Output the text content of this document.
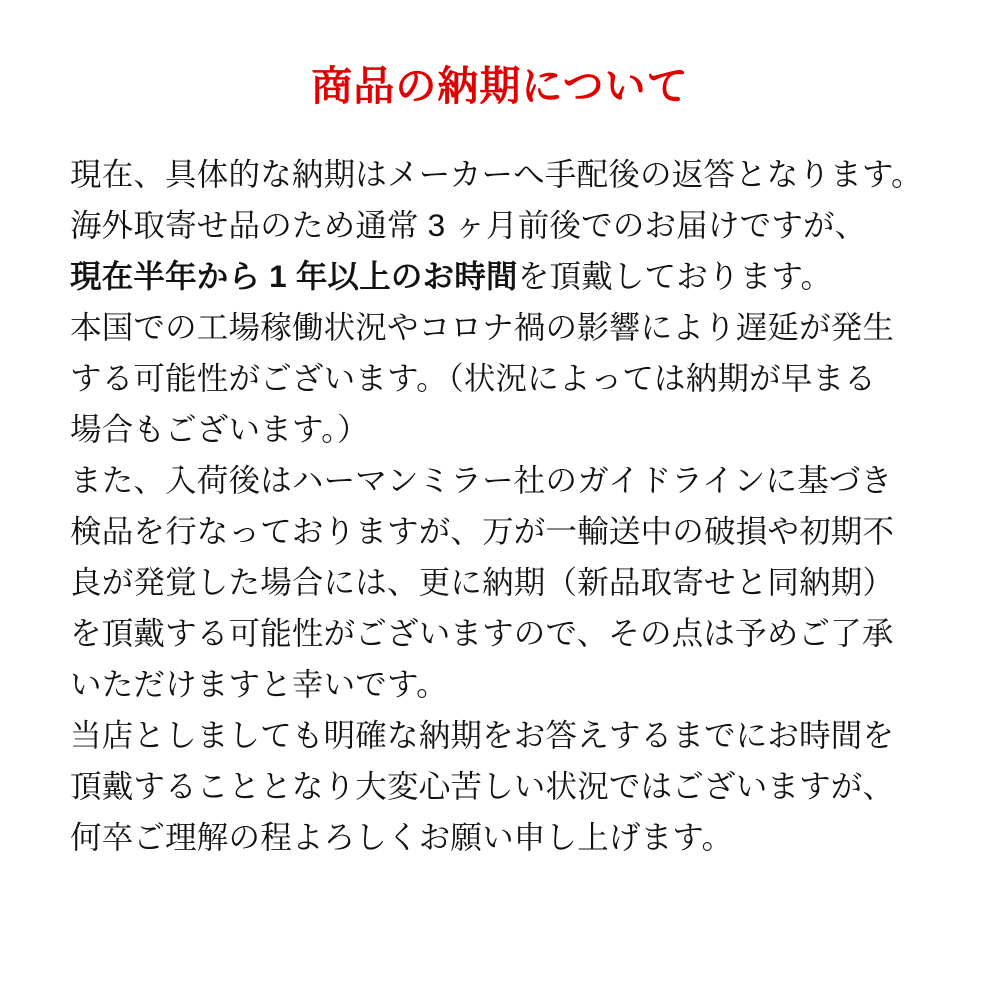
商品の納期について

現在、具体的な納期はメーカーへ手配後の返答となります。
海外取寄せ品のため通常 3 ヶ月前後でのお届けですが、
現在半年から 1 年以上のお時間を頂戴しております。

本国での工場稼働状況やコロナ禍の影響により遅延が発生
する可能性がございます。（状況によっては納期が早まる
場合もございます。）

また、入荷後はハーマンミラー社のガイドラインに基づき
検品を行なっておりますが、万が一輸送中の破損や初期不
良が発覚した場合には、更に納期（新品取寄せと同納期）
を頂戴する可能性がございますので、その点は予めご了承
いただけますと幸いです。

当店としましても明確な納期をお答えするまでにお時間を
頂戴することとなり大変心苦しい状況ではございますが、
何卒ご理解の程よろしくお願い申し上げます。
